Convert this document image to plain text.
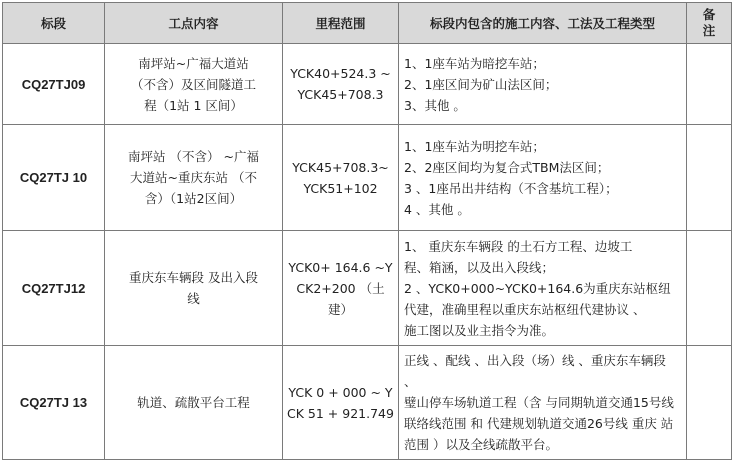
标段	工点内容	里程范围	标段内包含的施工内容、工法及工程类型	备
注

CQ27TJ09	南坪站~广福大道站
（不含）及区间隧道工
程（1站 1 区间）	YCK40+524.3 ~
YCK45+708.3	1、1座车站为暗挖车站；
2、1座区间为矿山法区间；
3、其他 。	

CQ27TJ 10	南坪站 （不含） ~广福
大道站~重庆东站 （不
含）（1站2区间）	YCK45+708.3~
YCK51+102	1、1座车站为明挖车站；
2、2座区间均为复合式TBM法区间；
3 、1座吊出井结构（不含基坑工程）；
4 、其他 。	

CQ27TJ12	重庆东车辆段 及出入段
线	YCK0+ 164.6 ~Y
CK2+200 （土
建）	1、 重庆东车辆段 的土石方工程、边坡工
程、箱涵，以及出入段线；
2 、YCK0+000~YCK0+164.6为重庆东站枢纽
代建，准确里程以重庆东站枢纽代建协议 、
施工图以及业主指令为准。	

CQ27TJ 13	轨道、疏散平台工程	YCK 0 + 000 ~ Y
CK 51 + 921.749	正线 、配线 、出入段（场）线 、重庆东车辆段 、
璧山停车场轨道工程（含 与同期轨道交通15号线
联络线范围 和 代建规划轨道交通26号线 重庆 站
范围 ）以及全线疏散平台。	
